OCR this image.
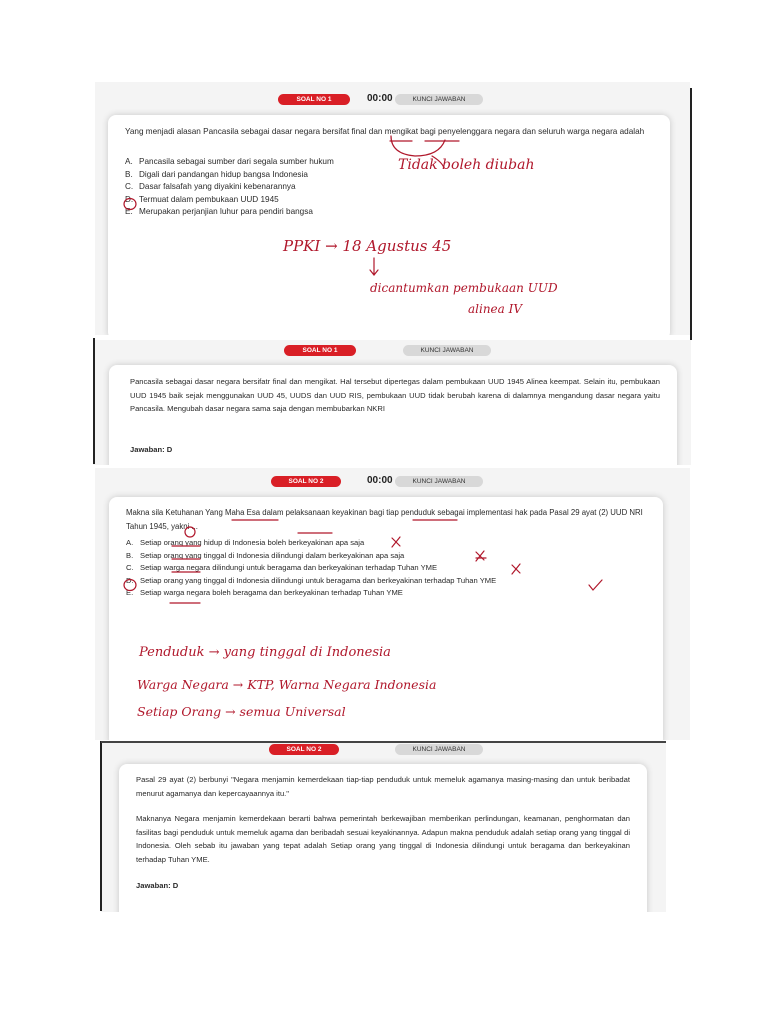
SOAL NO 1	00:00	KUNCI JAWABAN
Yang menjadi alasan Pancasila sebagai dasar negara bersifat final dan mengikat bagi penyelenggara negara dan seluruh warga negara adalah
A. Pancasila sebagai sumber dari segala sumber hukum
B. Digali dari pandangan hidup bangsa Indonesia
C. Dasar falsafah yang diyakini kebenarannya
D. Termuat dalam pembukaan UUD 1945
E. Merupakan perjanjian luhur para pendiri bangsa
Tidak boleh diubah
PPKI → 18 Agustus 45
dicantumkan pembukaan UUD
alinea IV
SOAL NO 1	KUNCI JAWABAN
Pancasila sebagai dasar negara bersifatr final dan mengikat. Hal tersebut dipertegas dalam pembukaan UUD 1945 Alinea keempat. Selain itu, pembukaan UUD 1945 baik sejak menggunakan UUD 45, UUDS dan UUD RIS, pembukaan UUD tidak berubah karena di dalamnya mengandung dasar negara yaitu Pancasila. Mengubah dasar negara sama saja dengan membubarkan NKRI
Jawaban: D
SOAL NO 2	00:00	KUNCI JAWABAN
Makna sila Ketuhanan Yang Maha Esa dalam pelaksanaan keyakinan bagi tiap penduduk sebagai implementasi hak pada Pasal 29 ayat (2) UUD NRI Tahun 1945, yakni ...
A. Setiap orang yang hidup di Indonesia boleh berkeyakinan apa saja
B. Setiap orang yang tinggal di Indonesia dilindungi dalam berkeyakinan apa saja
C. Setiap warga negara dilindungi untuk beragama dan berkeyakinan terhadap Tuhan YME
D. Setiap orang yang tinggal di Indonesia dilindungi untuk beragama dan berkeyakinan terhadap Tuhan YME
E. Setiap warga negara boleh beragama dan berkeyakinan terhadap Tuhan YME
Penduduk → yang tinggal di Indonesia
Warga Negara → KTP, Warna Negara Indonesia
Setiap Orang → semua Universal
SOAL NO 2	KUNCI JAWABAN
Pasal 29 ayat (2) berbunyi "Negara menjamin kemerdekaan tiap-tiap penduduk untuk memeluk agamanya masing-masing dan untuk beribadat menurut agamanya dan kepercayaannya itu."
Maknanya Negara menjamin kemerdekaan berarti bahwa pemerintah berkewajiban memberikan perlindungan, keamanan, penghormatan dan fasilitas bagi penduduk untuk memeluk agama dan beribadah sesuai keyakinannya. Adapun makna penduduk adalah setiap orang yang tinggal di Indonesia. Oleh sebab itu jawaban yang tepat adalah Setiap orang yang tinggal di Indonesia dilindungi untuk beragama dan berkeyakinan terhadap Tuhan YME.
Jawaban: D
